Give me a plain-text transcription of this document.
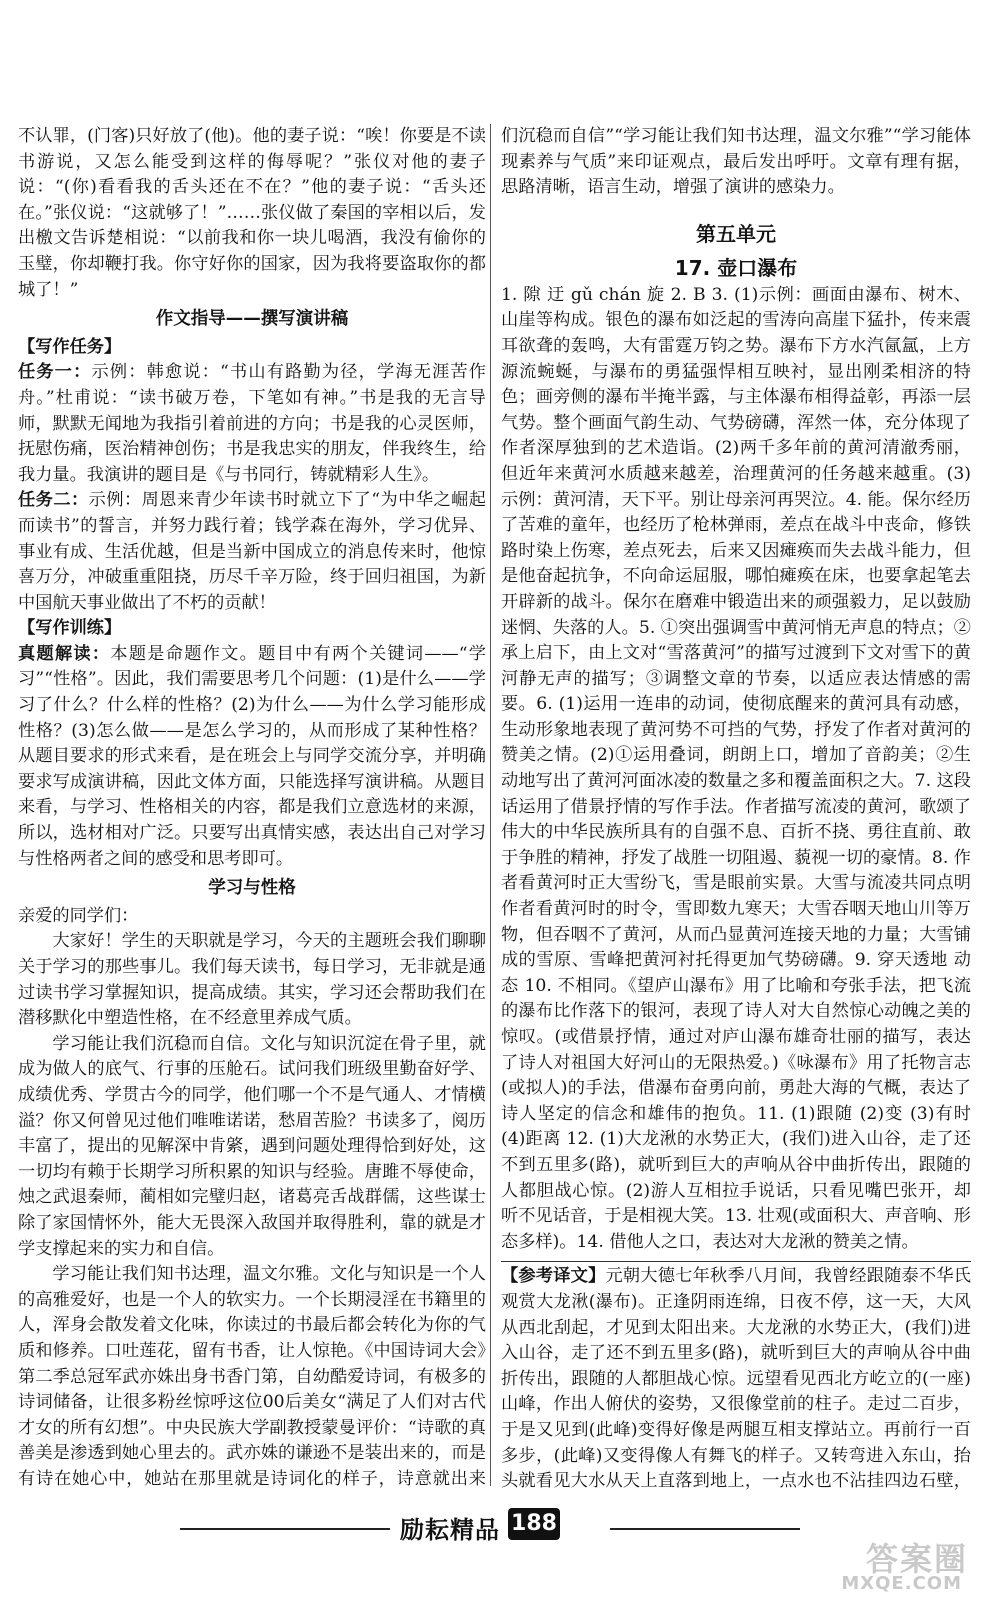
不认罪，(门客)只好放了(他)。他的妻子说：“唉！你要是不读书游说，又怎么能受到这样的侮辱呢？”张仪对他的妻子说：“(你)看看我的舌头还在不在？”他的妻子说：“舌头还在。”张仪说：“这就够了！”……张仪做了秦国的宰相以后，发出檄文告诉楚相说：“以前我和你一块儿喝酒，我没有偷你的玉璧，你却鞭打我。你守好你的国家，因为我将要盗取你的都城了！”

作文指导——撰写演讲稿

【写作任务】

任务一：示例：韩愈说：“书山有路勤为径，学海无涯苦作舟。”杜甫说：“读书破万卷，下笔如有神。”书是我的无言导师，默默无闻地为我指引着前进的方向；书是我的心灵医师，抚慰伤痛，医治精神创伤；书是我忠实的朋友，伴我终生，给我力量。我演讲的题目是《与书同行，铸就精彩人生》。

任务二：示例：周恩来青少年读书时就立下了“为中华之崛起而读书”的誓言，并努力践行着；钱学森在海外，学习优异、事业有成、生活优越，但是当新中国成立的消息传来时，他惊喜万分，冲破重重阻挠，历尽千辛万险，终于回归祖国，为新中国航天事业做出了不朽的贡献！

【写作训练】

真题解读：本题是命题作文。题目中有两个关键词——“学习”“性格”。因此，我们需要思考几个问题：(1)是什么——学习了什么？什么样的性格？(2)为什么——为什么学习能形成性格？(3)怎么做——是怎么学习的，从而形成了某种性格？从题目要求的形式来看，是在班会上与同学交流分享，并明确要求写成演讲稿，因此文体方面，只能选择写演讲稿。从题目来看，与学习、性格相关的内容，都是我们立意选材的来源，所以，选材相对广泛。只要写出真情实感，表达出自己对学习与性格两者之间的感受和思考即可。

学习与性格

亲爱的同学们：

大家好！学生的天职就是学习，今天的主题班会我们聊聊关于学习的那些事儿。我们每天读书，每日学习，无非就是通过读书学习掌握知识，提高成绩。其实，学习还会帮助我们在潜移默化中塑造性格，在不经意里养成气质。

学习能让我们沉稳而自信。文化与知识沉淀在骨子里，就成为做人的底气、行事的压舱石。试问我们班级里勤奋好学、成绩优秀、学贯古今的同学，他们哪一个不是气通人、才情横溢？你又何曾见过他们唯唯诺诺，愁眉苦脸？书读多了，阅历丰富了，提出的见解深中肯綮，遇到问题处理得恰到好处，这一切均有赖于长期学习所积累的知识与经验。唐雎不辱使命，烛之武退秦师，蔺相如完璧归赵，诸葛亮舌战群儒，这些谋士除了家国情怀外，能大无畏深入敌国并取得胜利，靠的就是才学支撑起来的实力和自信。

学习能让我们知书达理，温文尔雅。文化与知识是一个人的高雅爱好，也是一个人的软实力。一个长期浸淫在书籍里的人，浑身会散发着文化味，你读过的书最后都会转化为你的气质和修养。口吐莲花，留有书香，让人惊艳。《中国诗词大会》第二季总冠军武亦姝出身书香门第，自幼酷爱诗词，有极多的诗词储备，让很多粉丝惊呼这位00后美女“满足了人们对古代才女的所有幻想”。中央民族大学副教授蒙曼评价：“诗歌的真善美是渗透到她心里去的。武亦姝的谦逊不是装出来的，而是有诗在她心中，她站在那里就是诗词化的样子，诗意就出来

们沉稳而自信”“学习能让我们知书达理，温文尔雅”“学习能体现素养与气质”来印证观点，最后发出呼吁。文章有理有据，思路清晰，语言生动，增强了演讲的感染力。

第五单元
17. 壶口瀑布

1. 隙 迂 gǔ chán 旋 2. B 3. (1)示例：画面由瀑布、树木、山崖等构成。银色的瀑布如泛起的雪涛向高崖下猛扑，传来震耳欲聋的轰鸣，大有雷霆万钧之势。瀑布下方水汽氤氲，上方源流蜿蜒，与瀑布的勇猛强悍相互映衬，显出刚柔相济的特色；画旁侧的瀑布半掩半露，与主体瀑布相得益彰，再添一层气势。整个画面气韵生动、气势磅礴，浑然一体，充分体现了作者深厚独到的艺术造诣。(2)两千多年前的黄河清澈秀丽，但近年来黄河水质越来越差，治理黄河的任务越来越重。(3)示例：黄河清，天下平。别让母亲河再哭泣。4. 能。保尔经历了苦难的童年，也经历了枪林弹雨，差点在战斗中丧命，修铁路时染上伤寒，差点死去，后来又因瘫痪而失去战斗能力，但是他奋起抗争，不向命运屈服，哪怕瘫痪在床，也要拿起笔去开辟新的战斗。保尔在磨难中锻造出来的顽强毅力，足以鼓励迷惘、失落的人。5. ①突出强调雪中黄河悄无声息的特点；②承上启下，由上文对“雪落黄河”的描写过渡到下文对雪下的黄河静无声的描写；③调整文章的节奏，以适应表达情感的需要。6. (1)运用一连串的动词，使彻底醒来的黄河具有动感，生动形象地表现了黄河势不可挡的气势，抒发了作者对黄河的赞美之情。(2)①运用叠词，朗朗上口，增加了音韵美；②生动地写出了黄河河面冰凌的数量之多和覆盖面积之大。7. 这段话运用了借景抒情的写作手法。作者描写流凌的黄河，歌颂了伟大的中华民族所具有的自强不息、百折不挠、勇往直前、敢于争胜的精神，抒发了战胜一切阻遏、藐视一切的豪情。8. 作者看黄河时正大雪纷飞，雪是眼前实景。大雪与流凌共同点明作者看黄河时的时令，雪即数九寒天；大雪吞咽天地山川等万物，但吞咽不了黄河，从而凸显黄河连接天地的力量；大雪铺成的雪原、雪峰把黄河衬托得更加气势磅礴。9. 穿天透地 动态 10. 不相同。《望庐山瀑布》用了比喻和夸张手法，把飞流的瀑布比作落下的银河，表现了诗人对大自然惊心动魄之美的惊叹。(或借景抒情，通过对庐山瀑布雄奇壮丽的描写，表达了诗人对祖国大好河山的无限热爱。)《咏瀑布》用了托物言志(或拟人)的手法，借瀑布奋勇向前，勇赴大海的气概，表达了诗人坚定的信念和雄伟的抱负。11. (1)跟随 (2)变 (3)有时 (4)距离 12. (1)大龙湫的水势正大，(我们)进入山谷，走了还不到五里多(路)，就听到巨大的声响从谷中曲折传出，跟随的人都胆战心惊。(2)游人互相拉手说话，只看见嘴巴张开，却听不见话音，于是相视大笑。13. 壮观(或面积大、声音响、形态多样)。14. 借他人之口，表达对大龙湫的赞美之情。

【参考译文】元朝大德七年秋季八月间，我曾经跟随泰不华氏观赏大龙湫(瀑布)。正逢阴雨连绵，日夜不停，这一天，大风从西北刮起，才见到太阳出来。大龙湫的水势正大，(我们)进入山谷，走了还不到五里多(路)，就听到巨大的声响从谷中曲折传出，跟随的人都胆战心惊。远望看见西北方屹立的(一座)山峰，作出人俯伏的姿势，又很像堂前的柱子。走过二百步，于是又见到(此峰)变得好像是两腿互相支撑站立。再前行一百多步，(此峰)又变得像人有舞飞的样子。又转弯进入东山，抬头就看见大水从天上直落到地上，一点水也不沾挂四边石壁，

励耘精品 188
答案圈
MXQE.COM
